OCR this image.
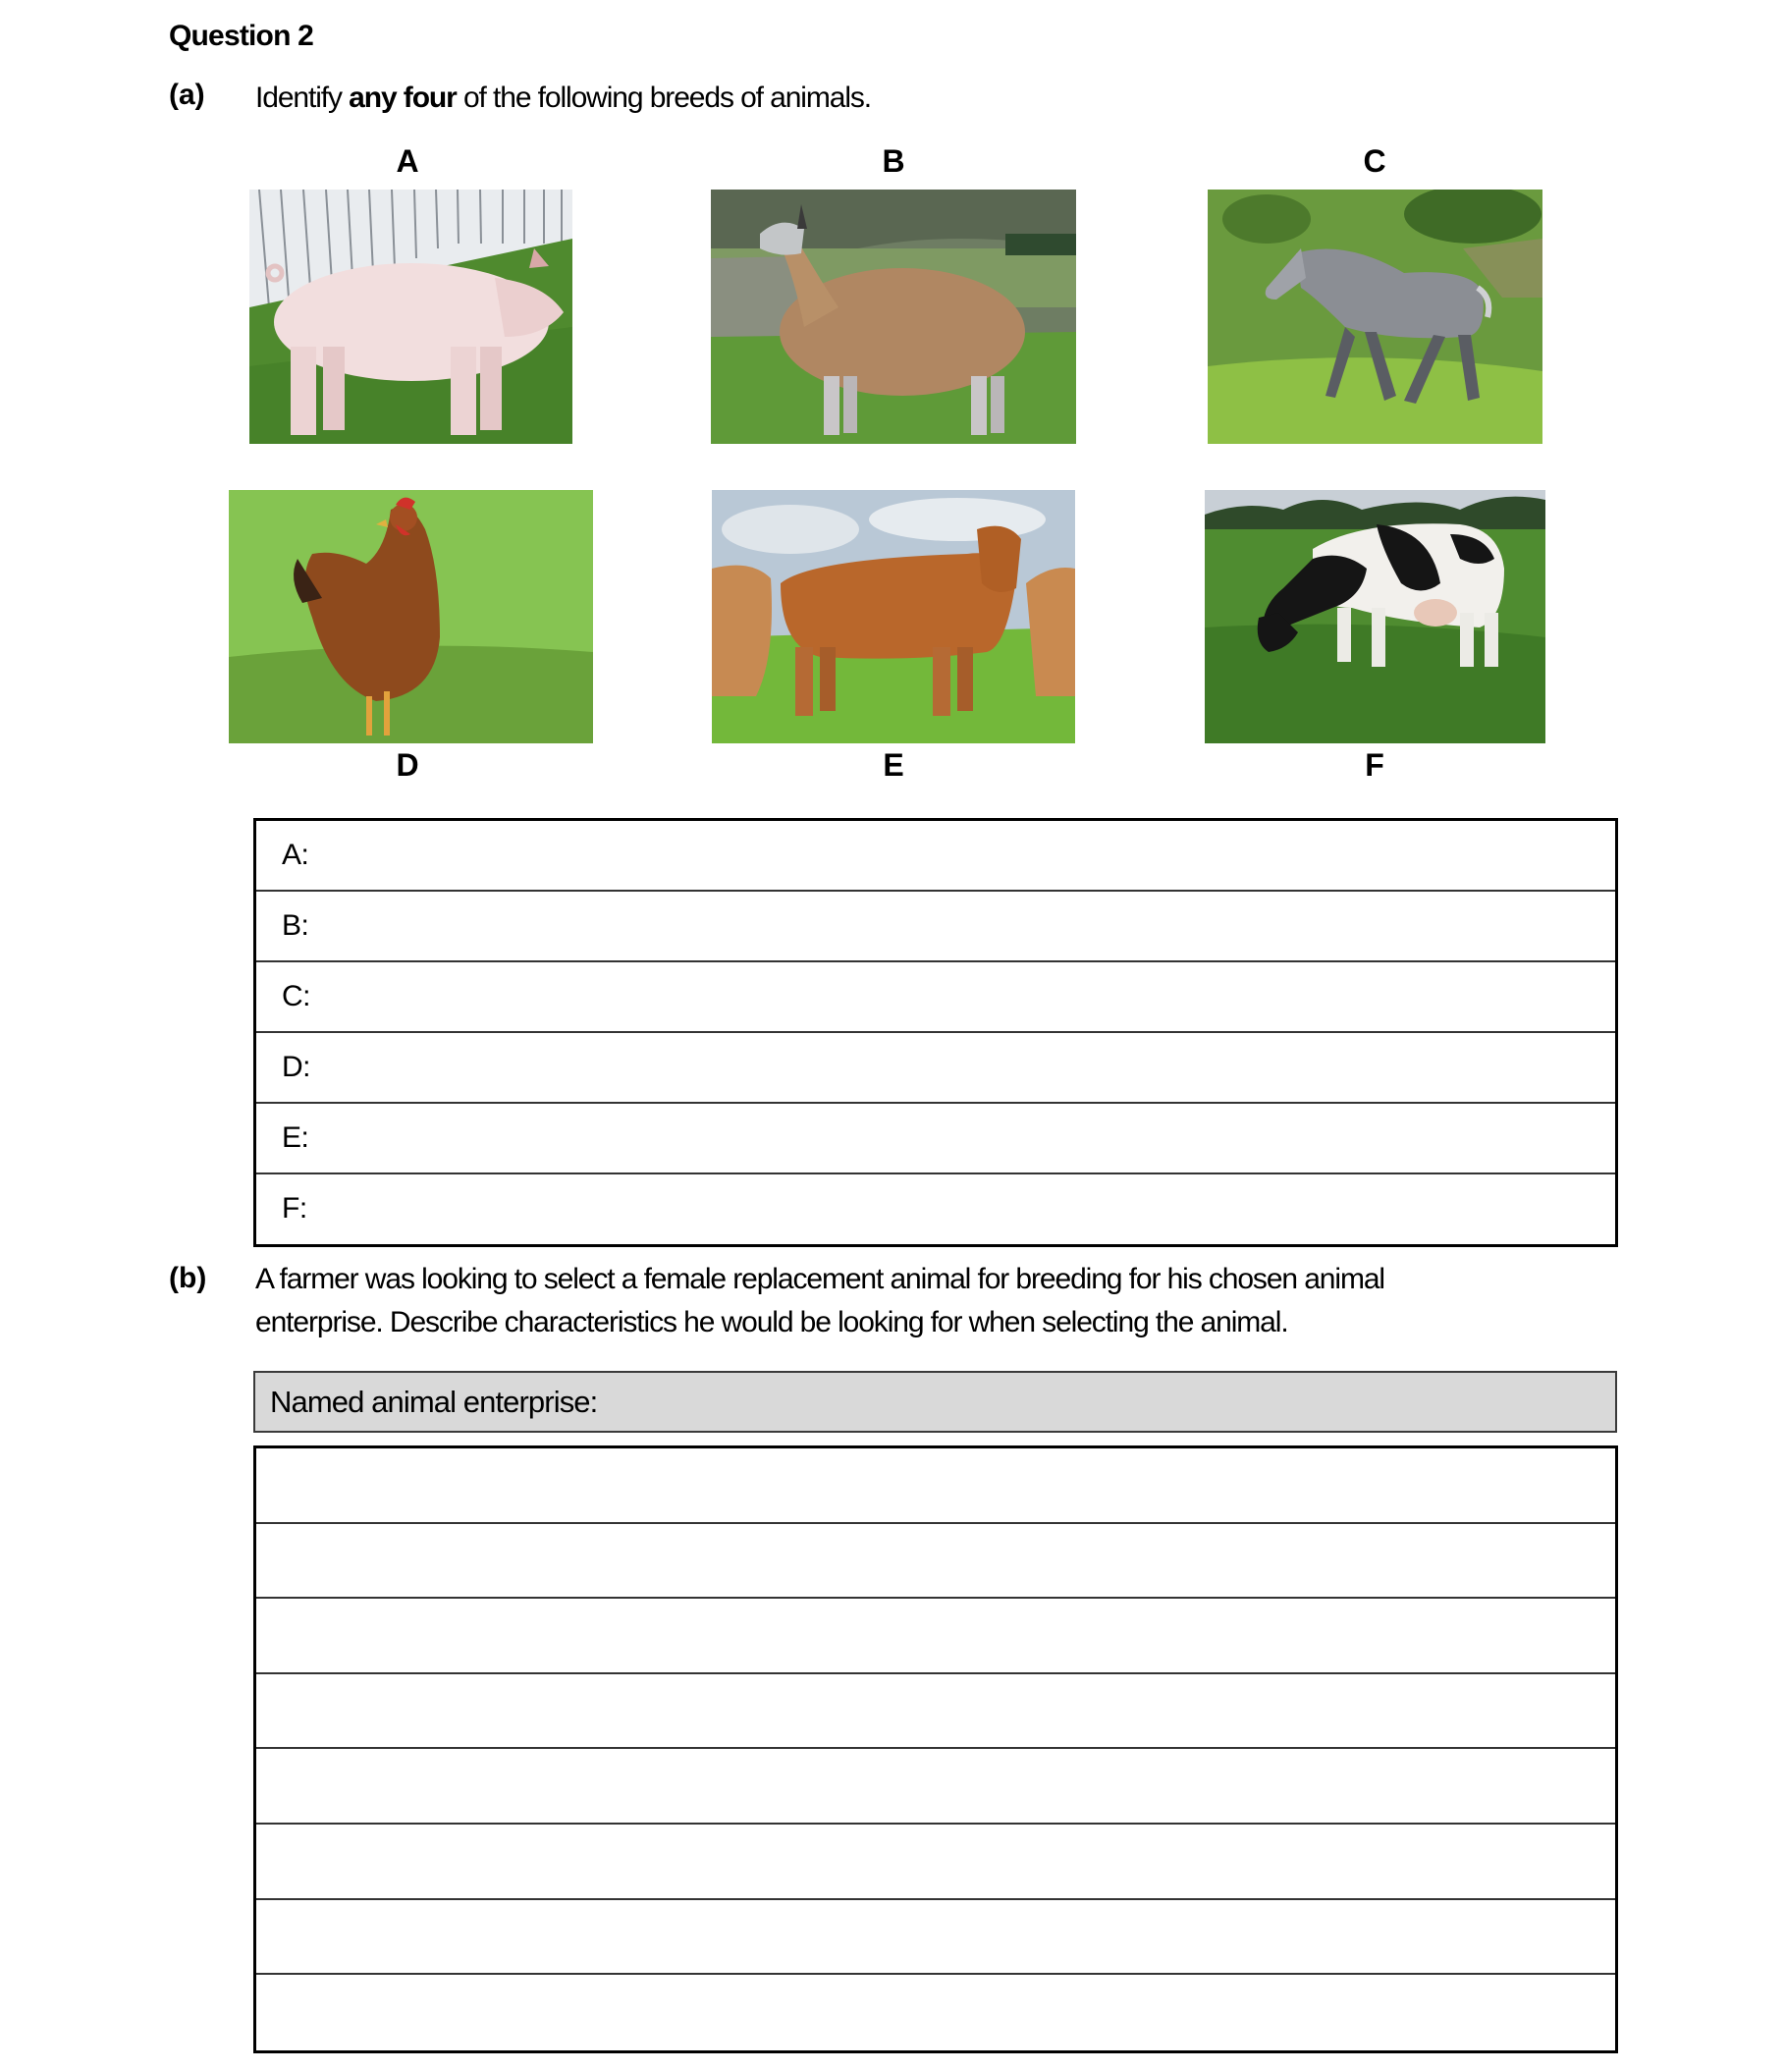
Question 2
(a) Identify any four of the following breeds of animals.
A	B	C
D	E	F
A:
B:
C:
D:
E:
F:
(b) A farmer was looking to select a female replacement animal for breeding for his chosen animal
enterprise. Describe characteristics he would be looking for when selecting the animal.
Named animal enterprise:
